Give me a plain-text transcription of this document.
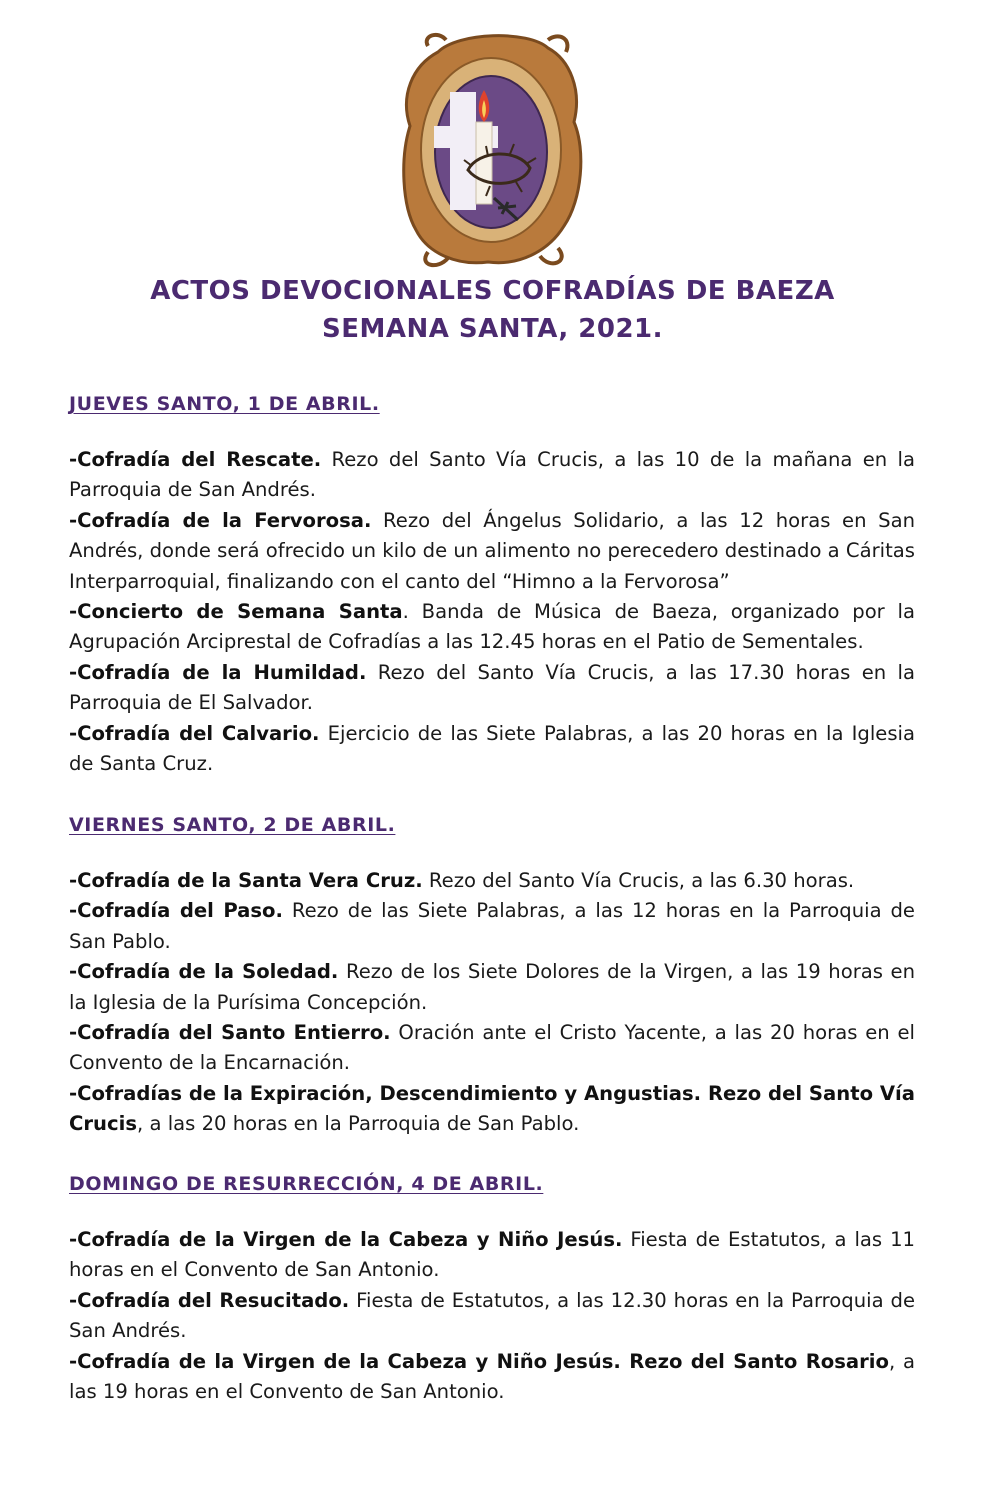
ACTOS DEVOCIONALES COFRADÍAS DE BAEZA
SEMANA SANTA, 2021.
JUEVES SANTO, 1 DE ABRIL.

-Cofradía del Rescate. Rezo del Santo Vía Crucis, a las 10 de la mañana en la Parroquia de San Andrés.

-Cofradía de la Fervorosa. Rezo del Ángelus Solidario, a las 12 horas en San Andrés, donde será ofrecido un kilo de un alimento no perecedero destinado a Cáritas Interparroquial, finalizando con el canto del “Himno a la Fervorosa”

-Concierto de Semana Santa. Banda de Música de Baeza, organizado por la Agrupación Arciprestal de Cofradías a las 12.45 horas en el Patio de Sementales.

-Cofradía de la Humildad. Rezo del Santo Vía Crucis, a las 17.30 horas en la Parroquia de El Salvador.

-Cofradía del Calvario. Ejercicio de las Siete Palabras, a las 20 horas en la Iglesia de Santa Cruz.

VIERNES SANTO, 2 DE ABRIL.

-Cofradía de la Santa Vera Cruz. Rezo del Santo Vía Crucis, a las 6.30 horas.

-Cofradía del Paso. Rezo de las Siete Palabras, a las 12 horas en la Parroquia de San Pablo.

-Cofradía de la Soledad. Rezo de los Siete Dolores de la Virgen, a las 19 horas en la Iglesia de la Purísima Concepción.

-Cofradía del Santo Entierro. Oración ante el Cristo Yacente, a las 20 horas en el Convento de la Encarnación.

-Cofradías de la Expiración, Descendimiento y Angustias. Rezo del Santo Vía Crucis, a las 20 horas en la Parroquia de San Pablo.

DOMINGO DE RESURRECCIÓN, 4 DE ABRIL.

-Cofradía de la Virgen de la Cabeza y Niño Jesús. Fiesta de Estatutos, a las 11 horas en el Convento de San Antonio.

-Cofradía del Resucitado. Fiesta de Estatutos, a las 12.30 horas en la Parroquia de San Andrés.

-Cofradía de la Virgen de la Cabeza y Niño Jesús. Rezo del Santo Rosario, a las 19 horas en el Convento de San Antonio.
